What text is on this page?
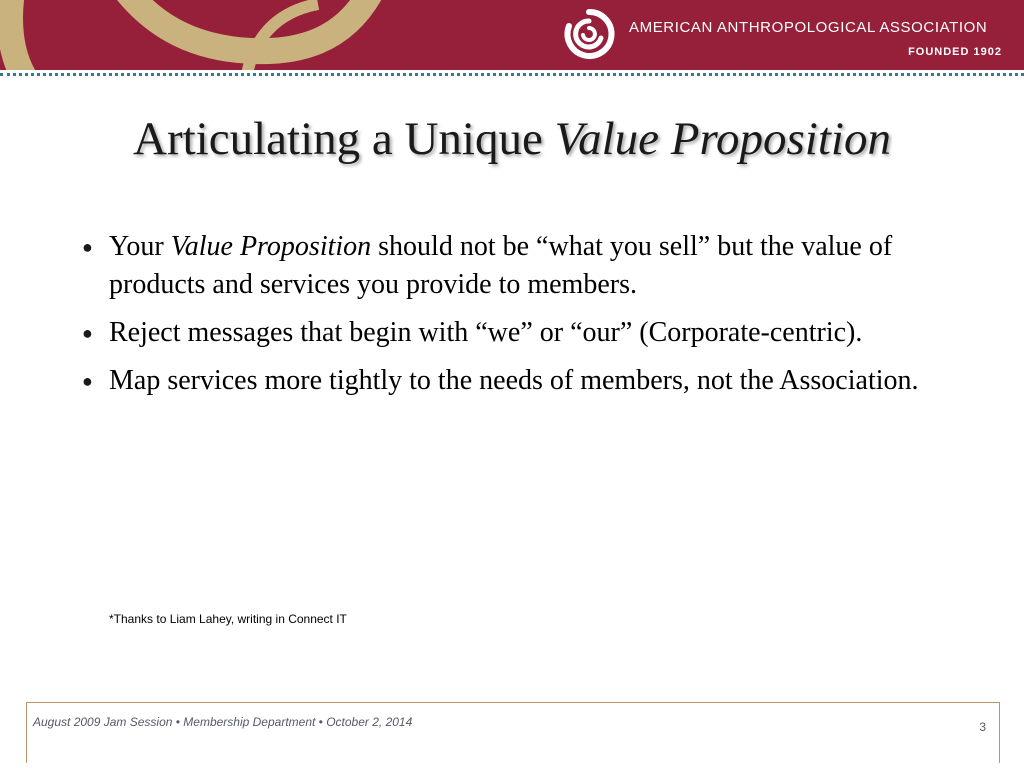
AMERICAN ANTHROPOLOGICAL ASSOCIATION
FOUNDED 1902
Articulating a Unique Value Proposition
● Your Value Proposition should not be “what you sell” but the value of products and services you provide to members.
● Reject messages that begin with “we” or “our” (Corporate-centric).
● Map services more tightly to the needs of members, not the Association.
*Thanks to Liam Lahey, writing in Connect IT
August 2009 Jam Session • Membership Department • October 2, 2014	3
